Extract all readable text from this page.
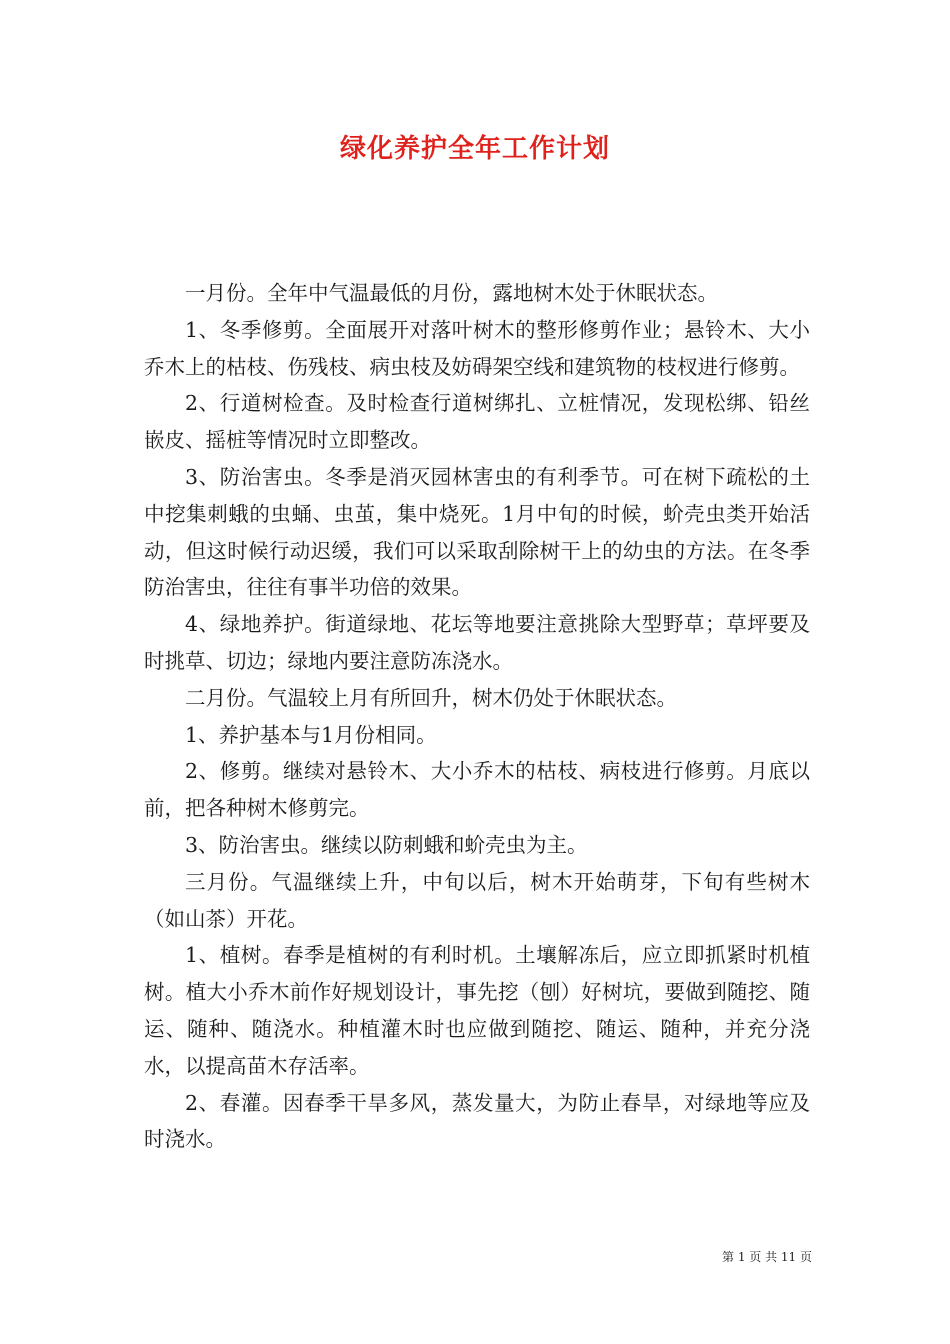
绿化养护全年工作计划

一月份。全年中气温最低的月份，露地树木处于休眠状态。

1、冬季修剪。全面展开对落叶树木的整形修剪作业；悬铃木、大小乔木上的枯枝、伤残枝、病虫枝及妨碍架空线和建筑物的枝杈进行修剪。

2、行道树检查。及时检查行道树绑扎、立桩情况，发现松绑、铅丝嵌皮、摇桩等情况时立即整改。

3、防治害虫。冬季是消灭园林害虫的有利季节。可在树下疏松的土中挖集刺蛾的虫蛹、虫茧，集中烧死。1月中旬的时候，蚧壳虫类开始活动，但这时候行动迟缓，我们可以采取刮除树干上的幼虫的方法。在冬季防治害虫，往往有事半功倍的效果。

4、绿地养护。街道绿地、花坛等地要注意挑除大型野草；草坪要及时挑草、切边；绿地内要注意防冻浇水。

二月份。气温较上月有所回升，树木仍处于休眠状态。

1、养护基本与1月份相同。

2、修剪。继续对悬铃木、大小乔木的枯枝、病枝进行修剪。月底以前，把各种树木修剪完。

3、防治害虫。继续以防刺蛾和蚧壳虫为主。

三月份。气温继续上升，中旬以后，树木开始萌芽，下旬有些树木（如山茶）开花。

1、植树。春季是植树的有利时机。土壤解冻后，应立即抓紧时机植树。植大小乔木前作好规划设计，事先挖（刨）好树坑，要做到随挖、随运、随种、随浇水。种植灌木时也应做到随挖、随运、随种，并充分浇水，以提高苗木存活率。

2、春灌。因春季干旱多风，蒸发量大，为防止春旱，对绿地等应及时浇水。

第 1 页 共 11 页
